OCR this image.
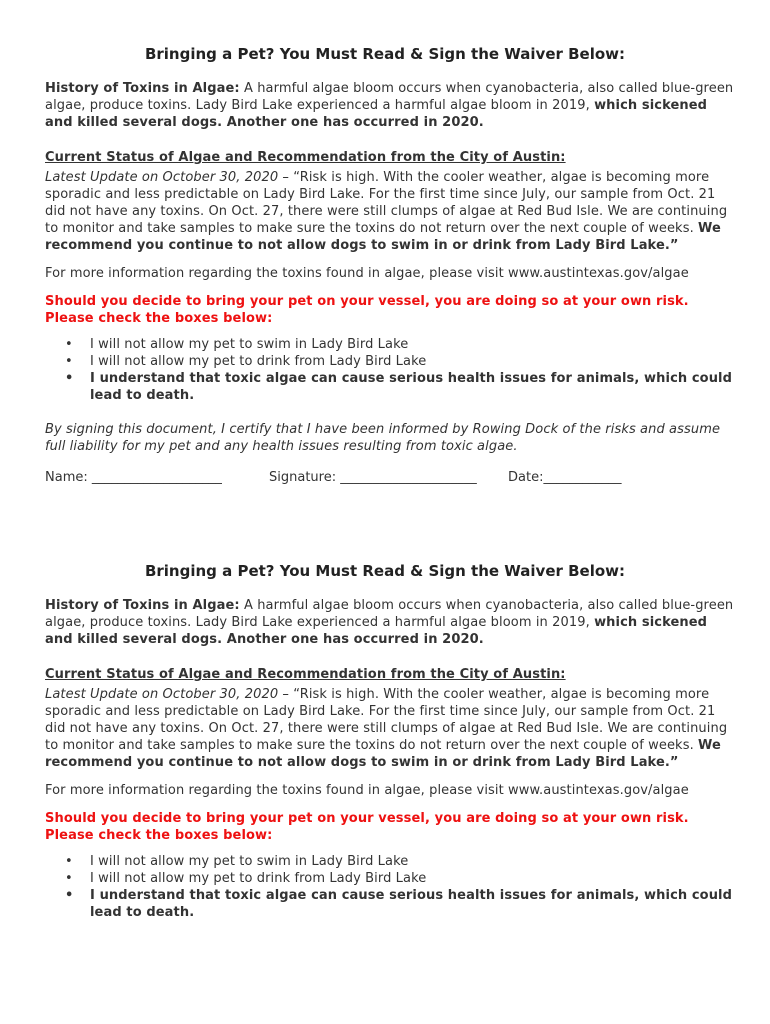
Bringing a Pet? You Must Read & Sign the Waiver Below:

History of Toxins in Algae: A harmful algae bloom occurs when cyanobacteria, also called blue-green algae, produce toxins. Lady Bird Lake experienced a harmful algae bloom in 2019, which sickened and killed several dogs. Another one has occurred in 2020.

Current Status of Algae and Recommendation from the City of Austin:

Latest Update on October 30, 2020 – “Risk is high. With the cooler weather, algae is becoming more sporadic and less predictable on Lady Bird Lake. For the first time since July, our sample from Oct. 21 did not have any toxins. On Oct. 27, there were still clumps of algae at Red Bud Isle. We are continuing to monitor and take samples to make sure the toxins do not return over the next couple of weeks. We recommend you continue to not allow dogs to swim in or drink from Lady Bird Lake.”

For more information regarding the toxins found in algae, please visit www.austintexas.gov/algae

Should you decide to bring your pet on your vessel, you are doing so at your own risk. Please check the boxes below:

• I will not allow my pet to swim in Lady Bird Lake
• I will not allow my pet to drink from Lady Bird Lake
• I understand that toxic algae can cause serious health issues for animals, which could lead to death.

By signing this document, I certify that I have been informed by Rowing Dock of the risks and assume full liability for my pet and any health issues resulting from toxic algae.

Name: ____________________	Signature: _____________________	Date:____________
Bringing a Pet? You Must Read & Sign the Waiver Below:

History of Toxins in Algae: A harmful algae bloom occurs when cyanobacteria, also called blue-green algae, produce toxins. Lady Bird Lake experienced a harmful algae bloom in 2019, which sickened and killed several dogs. Another one has occurred in 2020.

Current Status of Algae and Recommendation from the City of Austin:

Latest Update on October 30, 2020 – “Risk is high. With the cooler weather, algae is becoming more sporadic and less predictable on Lady Bird Lake. For the first time since July, our sample from Oct. 21 did not have any toxins. On Oct. 27, there were still clumps of algae at Red Bud Isle. We are continuing to monitor and take samples to make sure the toxins do not return over the next couple of weeks. We recommend you continue to not allow dogs to swim in or drink from Lady Bird Lake.”

For more information regarding the toxins found in algae, please visit www.austintexas.gov/algae

Should you decide to bring your pet on your vessel, you are doing so at your own risk. Please check the boxes below:

• I will not allow my pet to swim in Lady Bird Lake
• I will not allow my pet to drink from Lady Bird Lake
• I understand that toxic algae can cause serious health issues for animals, which could lead to death.
